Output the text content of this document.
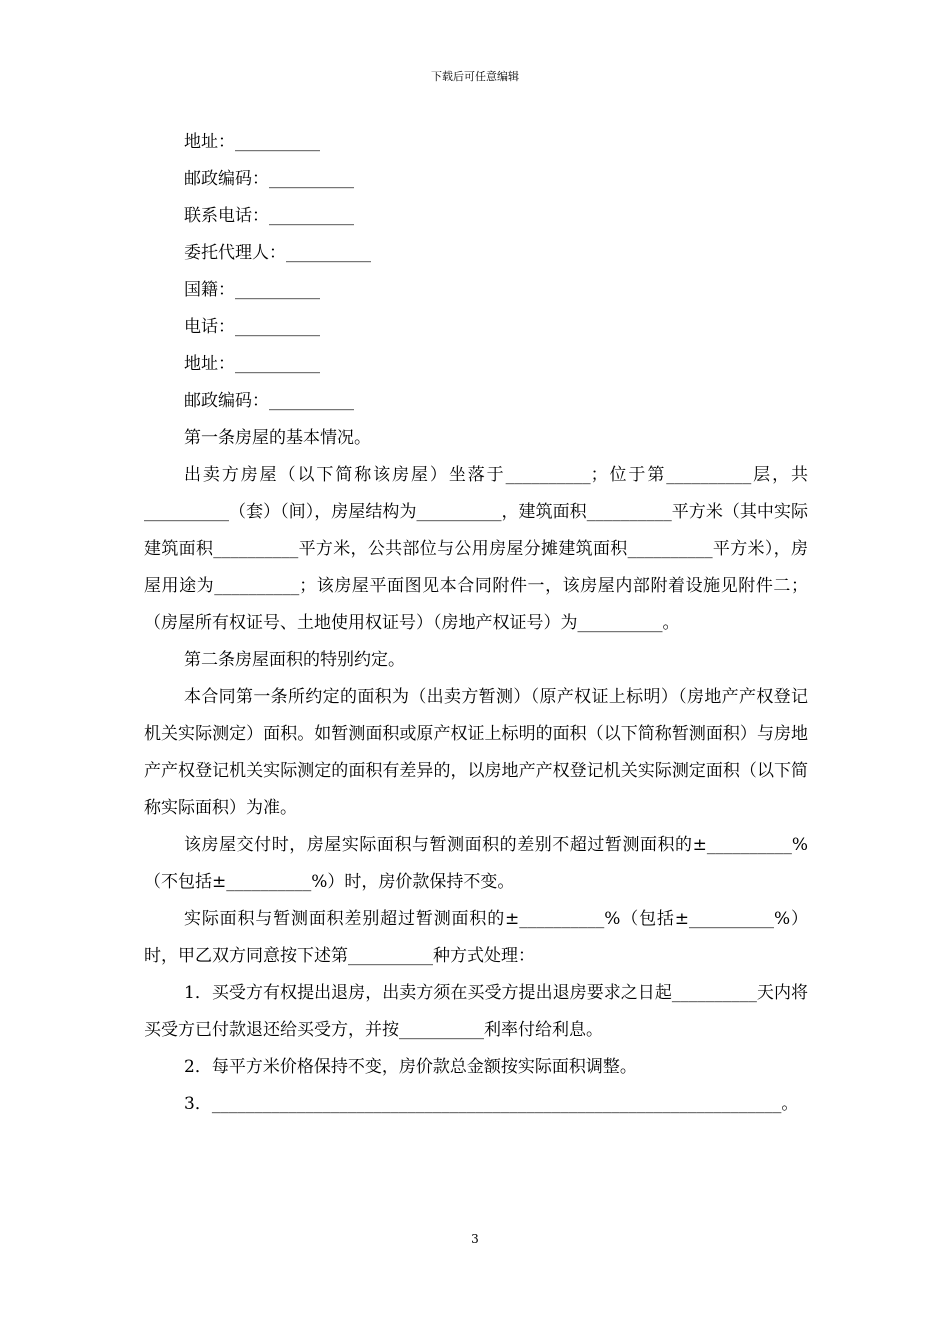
下载后可任意编辑
地址：__________
邮政编码：__________
联系电话：__________
委托代理人：__________
国籍：__________
电话：__________
地址：__________
邮政编码：__________
第一条房屋的基本情况。
出卖方房屋（以下简称该房屋）坐落于__________；位于第__________层，共__________（套）（间），房屋结构为__________，建筑面积__________平方米（其中实际建筑面积__________平方米，公共部位与公用房屋分摊建筑面积__________平方米），房屋用途为__________；该房屋平面图见本合同附件一，该房屋内部附着设施见附件二；（房屋所有权证号、土地使用权证号）（房地产权证号）为__________。
第二条房屋面积的特别约定。
本合同第一条所约定的面积为（出卖方暂测）（原产权证上标明）（房地产产权登记机关实际测定）面积。如暂测面积或原产权证上标明的面积（以下简称暂测面积）与房地产产权登记机关实际测定的面积有差异的，以房地产产权登记机关实际测定面积（以下简称实际面积）为准。
该房屋交付时，房屋实际面积与暂测面积的差别不超过暂测面积的±__________%（不包括±__________%）时，房价款保持不变。
实际面积与暂测面积差别超过暂测面积的±__________%（包括±__________%）时，甲乙双方同意按下述第__________种方式处理：
1．买受方有权提出退房，出卖方须在买受方提出退房要求之日起__________天内将买受方已付款退还给买受方，并按__________利率付给利息。
2．每平方米价格保持不变，房价款总金额按实际面积调整。
3．___________________________________________________________________。
3
